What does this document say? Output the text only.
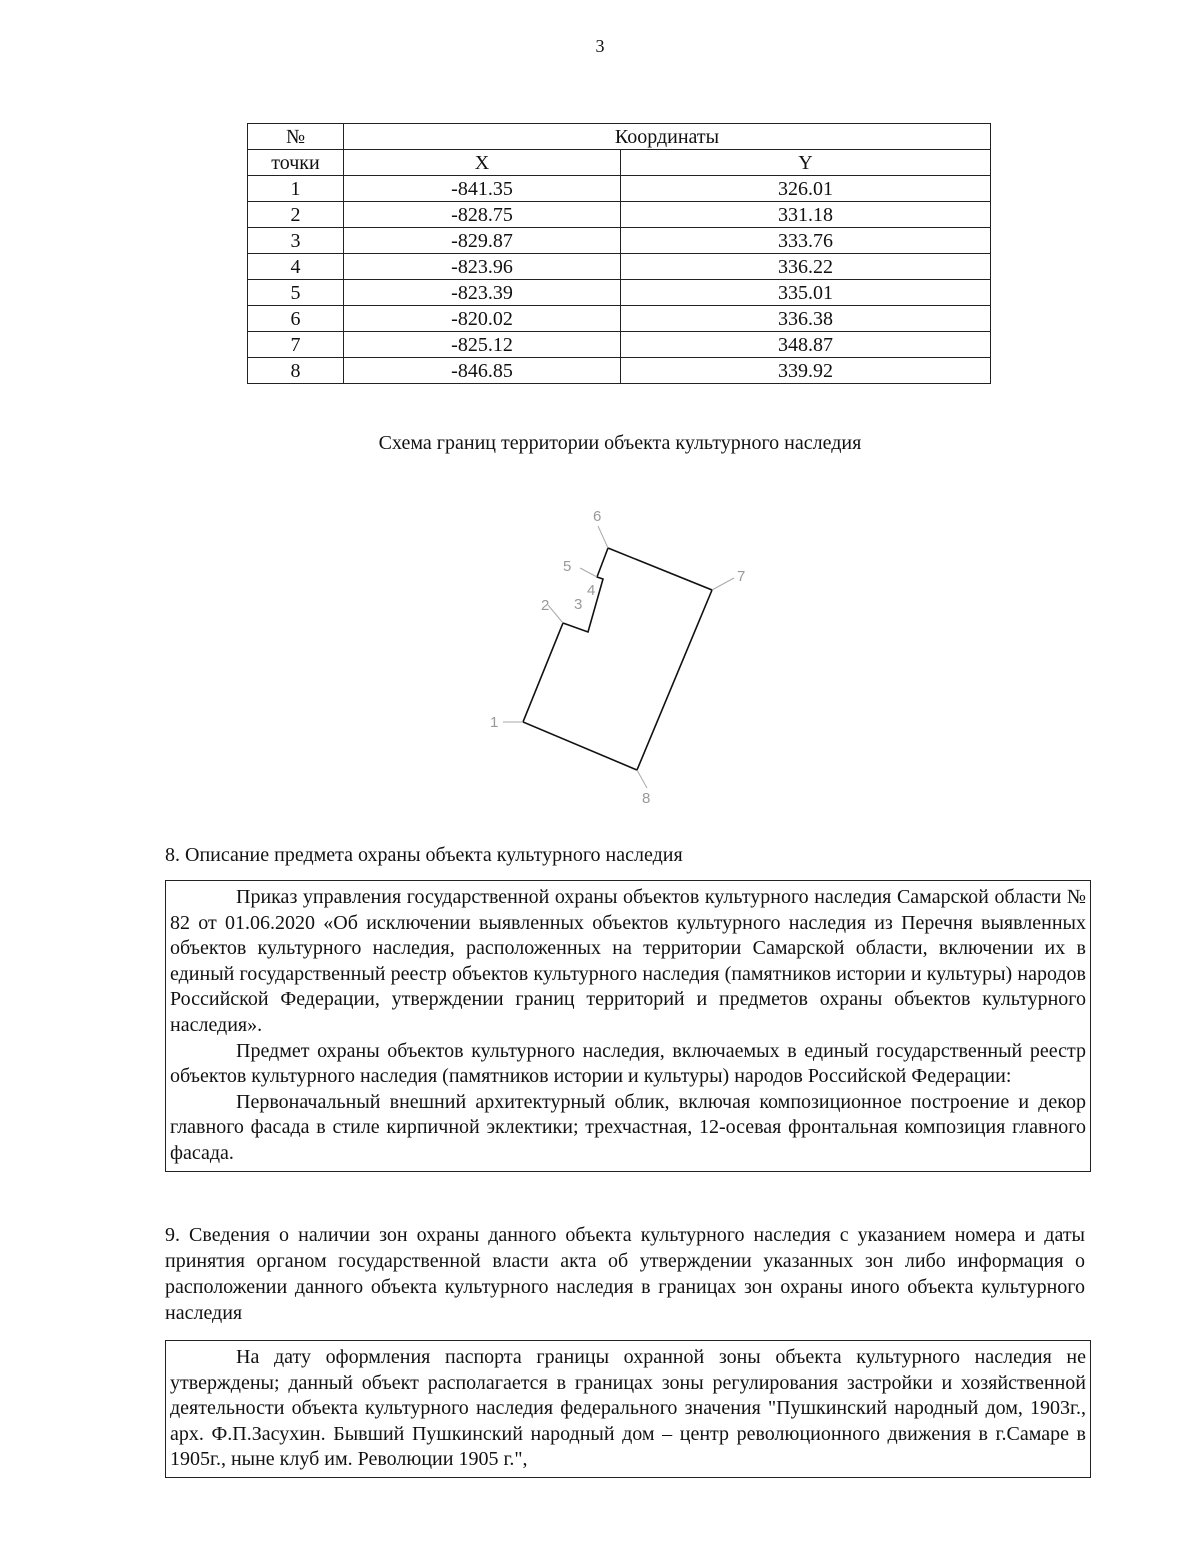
3
№	Координаты	
точки	X	Y
1	-841.35	326.01
2	-828.75	331.18
3	-829.87	333.76
4	-823.96	336.22
5	-823.39	335.01
6	-820.02	336.38
7	-825.12	348.87
8	-846.85	339.92
Схема границ территории объекта культурного наследия
1
2 3
4
5
6
7
8
8. Описание предмета охраны объекта культурного наследия

Приказ управления государственной охраны объектов культурного наследия Самарской области № 82 от 01.06.2020 «Об исключении выявленных объектов культурного наследия из Перечня выявленных объектов культурного наследия, расположенных на территории Самарской области, включении их в единый государственный реестр объектов культурного наследия (памятников истории и культуры) народов Российской Федерации, утверждении границ территорий и предметов охраны объектов культурного наследия».

Предмет охраны объектов культурного наследия, включаемых в единый государственный реестр объектов культурного наследия (памятников истории и культуры) народов Российской Федерации:

Первоначальный внешний архитектурный облик, включая композиционное построение и декор главного фасада в стиле кирпичной эклектики; трехчастная, 12-осевая фронтальная композиция главного фасада.

9. Сведения о наличии зон охраны данного объекта культурного наследия с указанием номера и даты принятия органом государственной власти акта об утверждении указанных зон либо информация о расположении данного объекта культурного наследия в границах зон охраны иного объекта культурного наследия

На дату оформления паспорта границы охранной зоны объекта культурного наследия не утверждены; данный объект располагается в границах зоны регулирования застройки и хозяйственной деятельности объекта культурного наследия федерального значения "Пушкинский народный дом, 1903г., арх. Ф.П.Засухин. Бывший Пушкинский народный дом – центр революционного движения в г.Самаре в 1905г., ныне клуб им. Революции 1905 г.",
